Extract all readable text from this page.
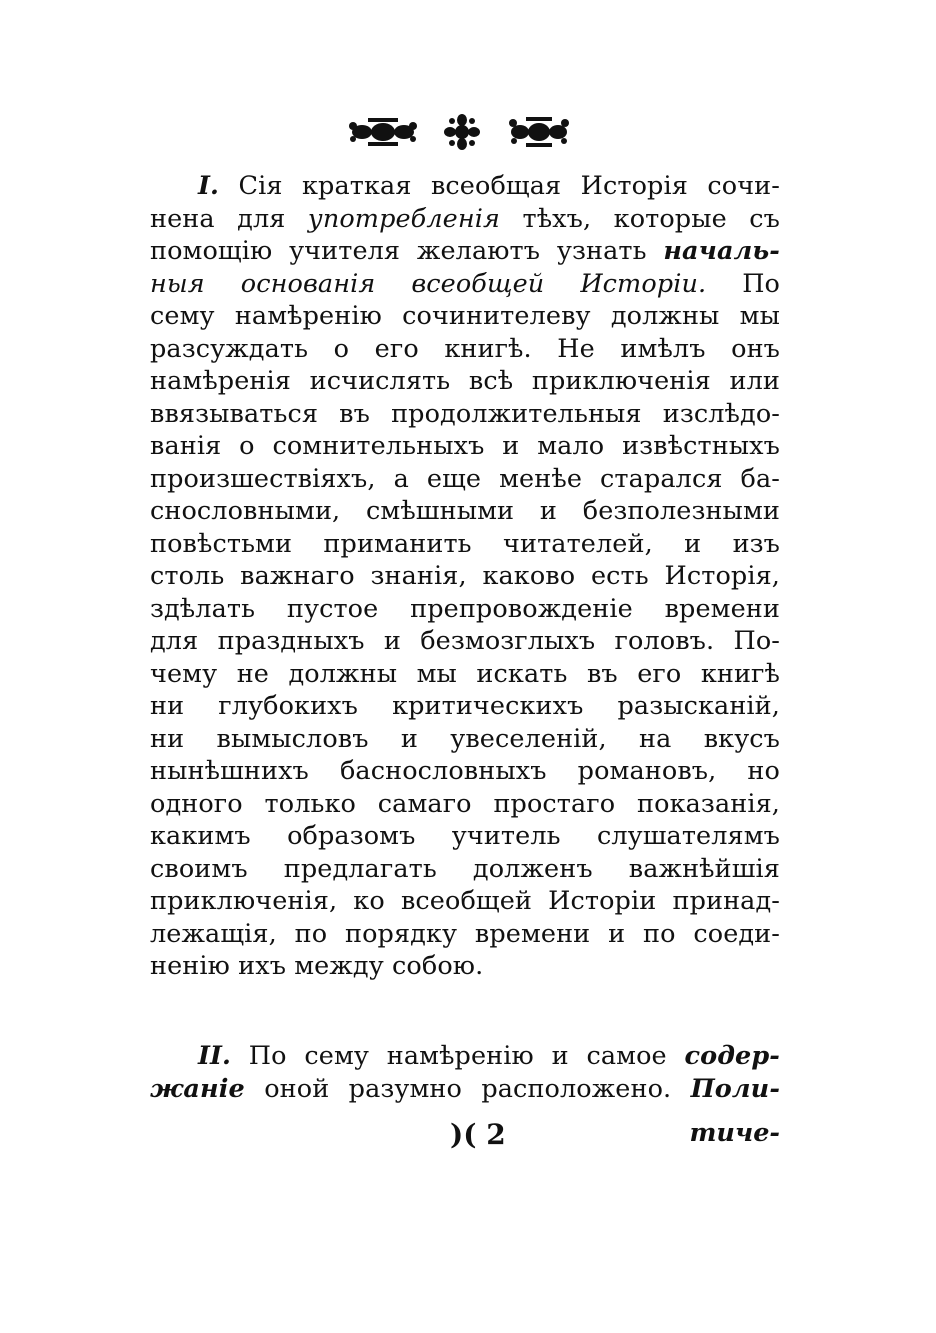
I. Сія краткая всеобщая Исторія сочи-
нена для употребленія тѣхъ, которые съ
помощію учителя желаютъ узнать началь-
ныя основанія всеобщей Исторіи. По
сему намѣренію сочинителеву должны мы
разсуждать о его книгѣ. Не имѣлъ онъ
намѣренія исчислять всѣ приключенія или
ввязываться въ продолжительныя изслѣдо-
ванія о сомнительныхъ и мало извѣстныхъ
произшествіяхъ, а еще менѣе старался ба-
снословными, смѣшными и безполезными
повѣстьми приманить читателей, и изъ
столь важнаго знанія, каково есть Исторія,
здѣлать пустое препровожденіе времени
для праздныхъ и безмозглыхъ головъ. По-
чему не должны мы искать въ его книгѣ
ни глубокихъ критическихъ разысканій,
ни вымысловъ и увеселеній, на вкусъ
нынѣшнихъ баснословныхъ романовъ, но
одного только самаго простаго показанія,
какимъ образомъ учитель слушателямъ
своимъ предлагать долженъ важнѣйшія
приключенія, ко всеобщей Исторіи принад-
лежащія, по порядку времени и по соеди-
ненію ихъ между собою.
II. По сему намѣренію и самое содер-
жаніе оной разумно расположено. Поли-
)( 2	тиче-
